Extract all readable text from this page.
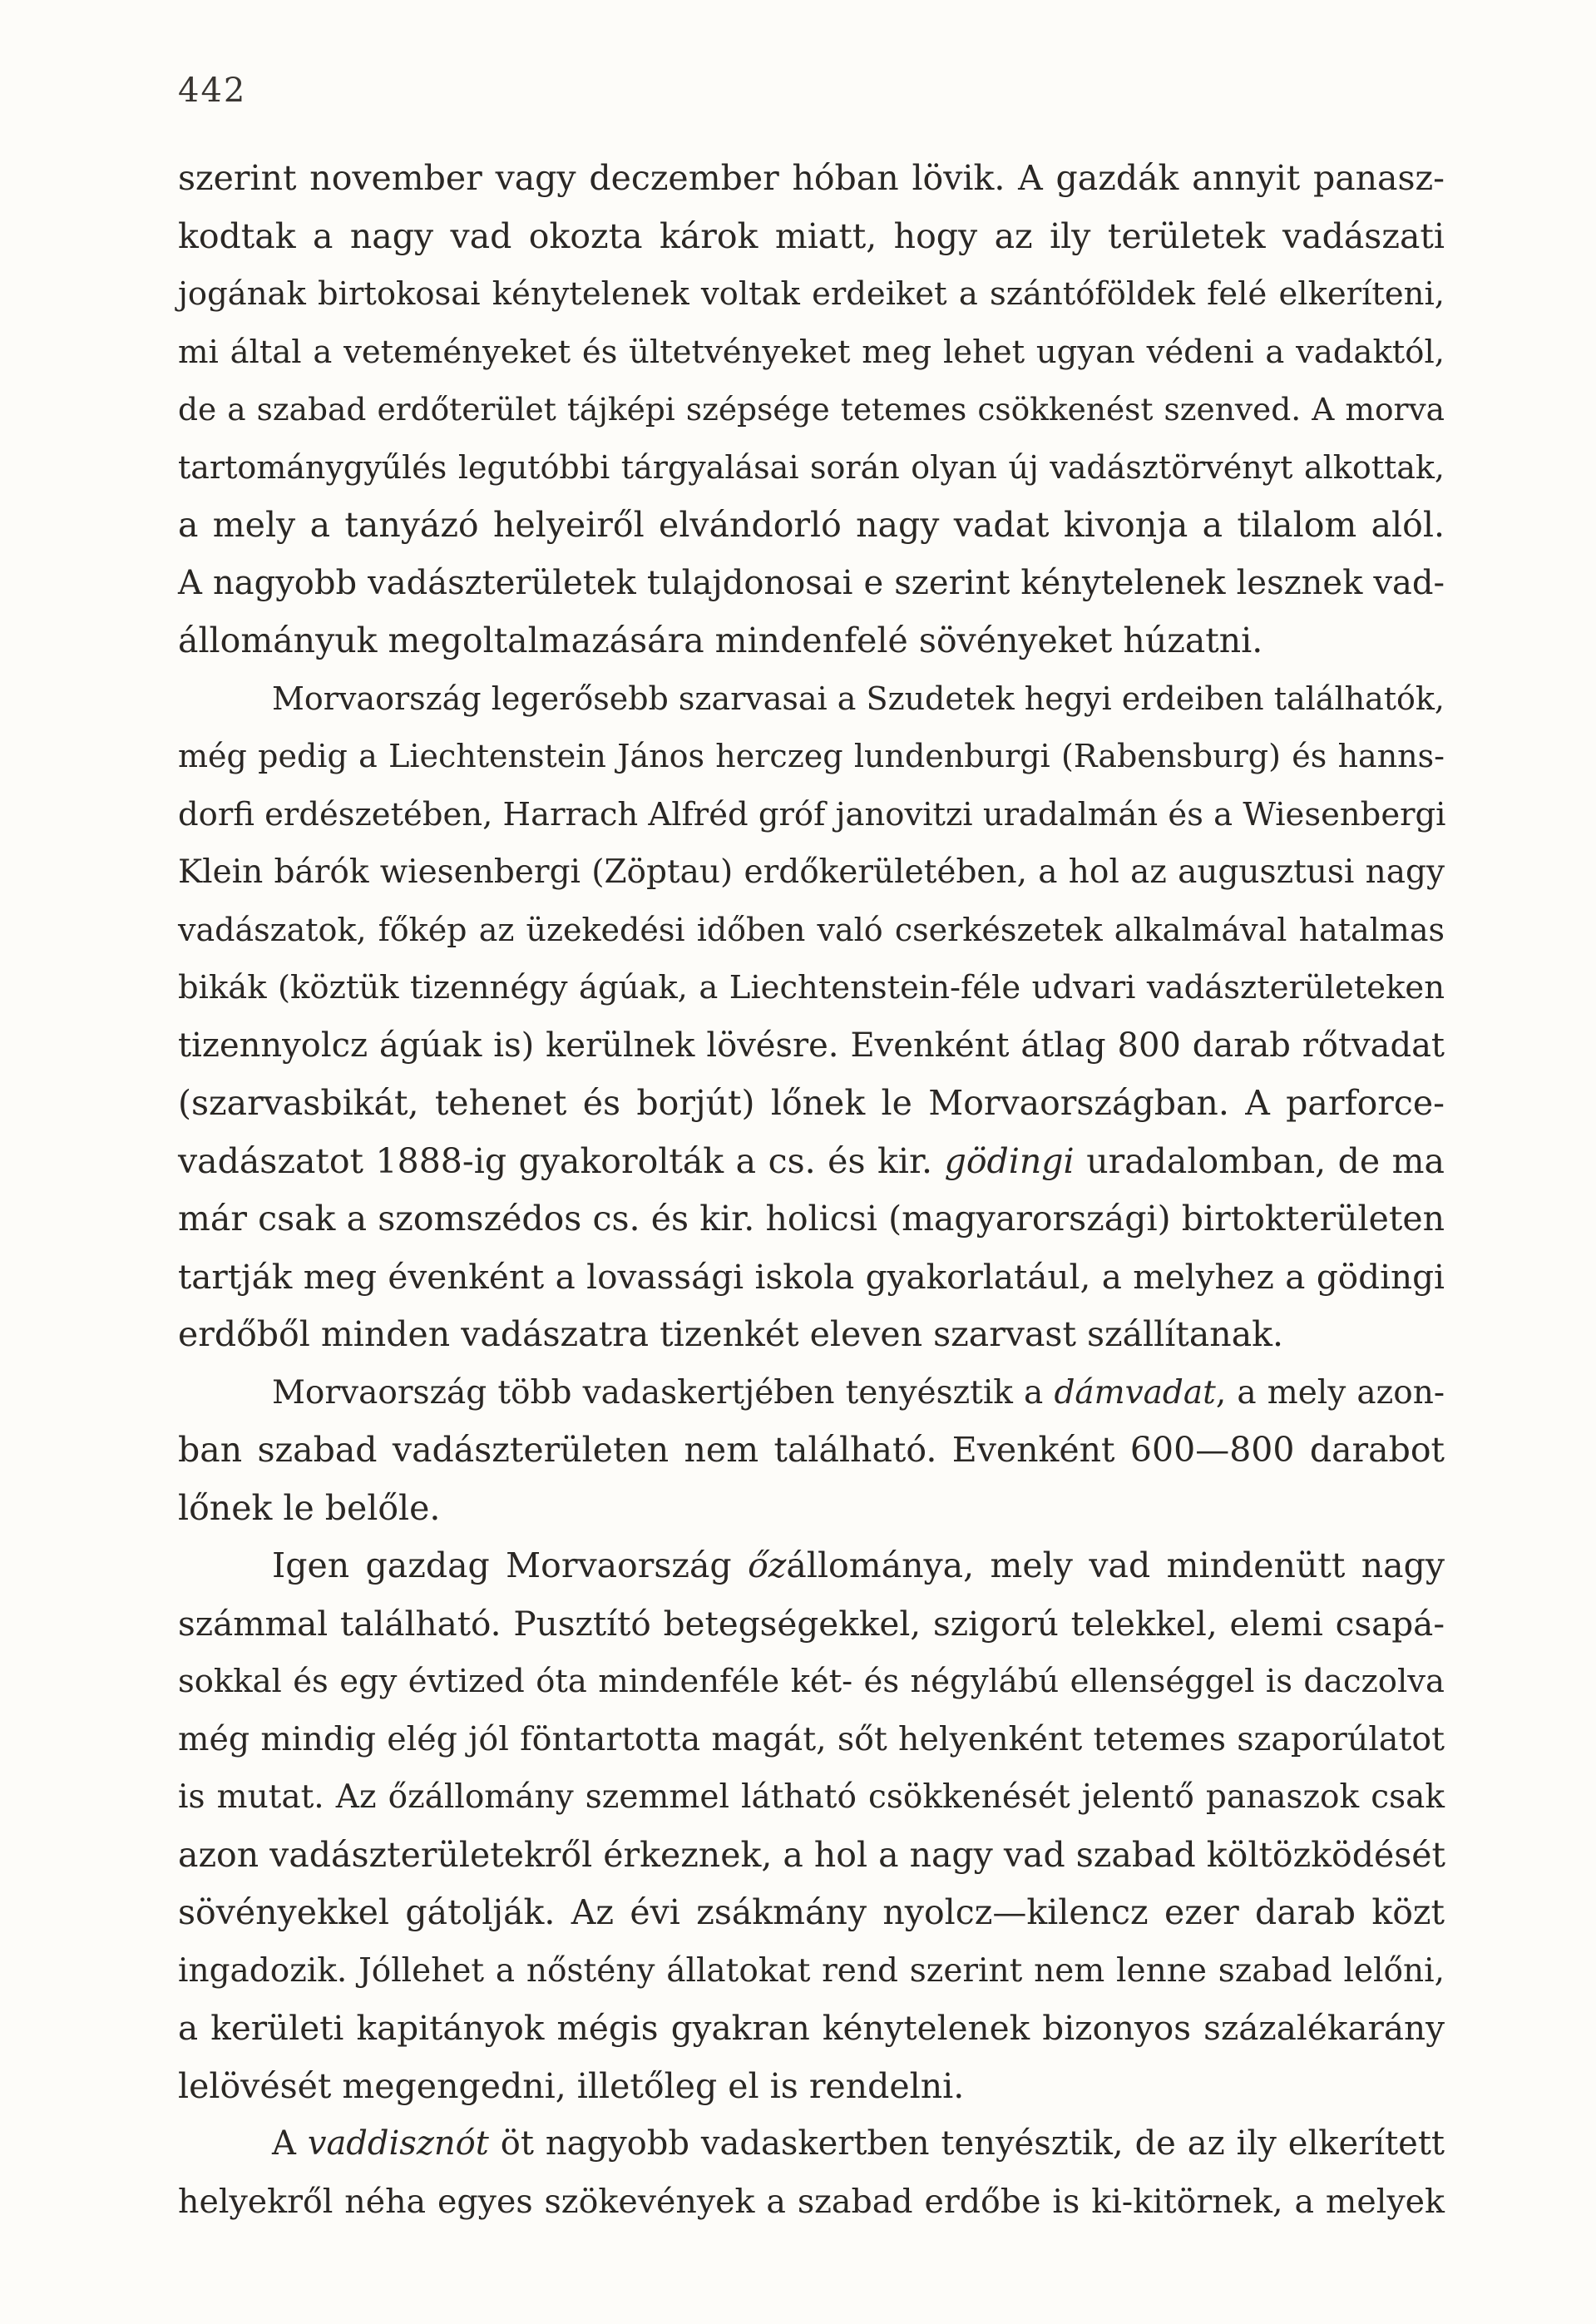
442
szerint november vagy deczember hóban lövik. A gazdák annyit panasz-
kodtak a nagy vad okozta károk miatt, hogy az ily területek vadászati
jogának birtokosai kénytelenek voltak erdeiket a szántóföldek felé elkeríteni,
mi által a veteményeket és ültetvényeket meg lehet ugyan védeni a vadaktól,
de a szabad erdőterület tájképi szépsége tetemes csökkenést szenved. A morva
tartománygyűlés legutóbbi tárgyalásai során olyan új vadásztörvényt alkottak,
a mely a tanyázó helyeiről elvándorló nagy vadat kivonja a tilalom alól.
A nagyobb vadászterületek tulajdonosai e szerint kénytelenek lesznek vad-
állományuk megoltalmazására mindenfelé sövényeket húzatni.
Morvaország legerősebb szarvasai a Szudetek hegyi erdeiben találhatók,
még pedig a Liechtenstein János herczeg lundenburgi (Rabensburg) és hanns-
dorfi erdészetében, Harrach Alfréd gróf janovitzi uradalmán és a Wiesenbergi
Klein bárók wiesenbergi (Zöptau) erdőkerületében, a hol az augusztusi nagy
vadászatok, főkép az üzekedési időben való cserkészetek alkalmával hatalmas
bikák (köztük tizennégy ágúak, a Liechtenstein-féle udvari vadászterületeken
tizennyolcz ágúak is) kerülnek lövésre. Evenként átlag 800 darab rőtvadat
(szarvasbikát, tehenet és borjút) lőnek le Morvaországban. A parforce-
vadászatot 1888-ig gyakorolták a cs. és kir. gödingi uradalomban, de ma
már csak a szomszédos cs. és kir. holicsi (magyarországi) birtokterületen
tartják meg évenként a lovassági iskola gyakorlatául, a melyhez a gödingi
erdőből minden vadászatra tizenkét eleven szarvast szállítanak.
Morvaország több vadaskertjében tenyésztik a dámvadat, a mely azon-
ban szabad vadászterületen nem található. Evenként 600—800 darabot
lőnek le belőle.
Igen gazdag Morvaország őzállománya, mely vad mindenütt nagy
számmal található. Pusztító betegségekkel, szigorú telekkel, elemi csapá-
sokkal és egy évtized óta mindenféle két- és négylábú ellenséggel is daczolva
még mindig elég jól föntartotta magát, sőt helyenként tetemes szaporúlatot
is mutat. Az őzállomány szemmel látható csökkenését jelentő panaszok csak
azon vadászterületekről érkeznek, a hol a nagy vad szabad költözködését
sövényekkel gátolják. Az évi zsákmány nyolcz—kilencz ezer darab közt
ingadozik. Jóllehet a nőstény állatokat rend szerint nem lenne szabad lelőni,
a kerületi kapitányok mégis gyakran kénytelenek bizonyos százalékarány
lelövését megengedni, illetőleg el is rendelni.
A vaddisznót öt nagyobb vadaskertben tenyésztik, de az ily elkerített
helyekről néha egyes szökevények a szabad erdőbe is ki-kitörnek, a melyek
